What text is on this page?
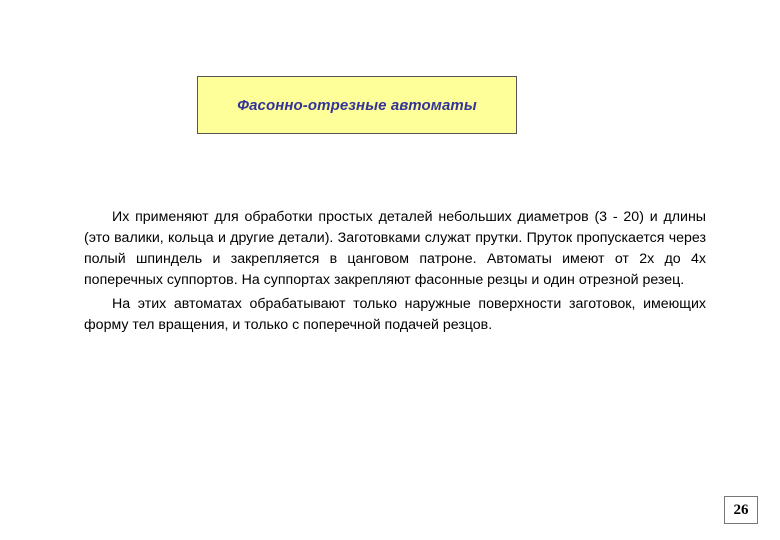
Фасонно-отрезные автоматы

Их применяют для обработки простых деталей небольших диаметров (3 - 20) и длины (это валики, кольца и другие детали). Заготовками служат прутки. Пруток пропускается через полый шпиндель и закрепляется в цанговом патроне. Автоматы имеют от 2х до 4х поперечных суппортов. На суппортах закрепляют фасонные резцы и один отрезной резец.

На этих автоматах обрабатывают только наружные поверхности заготовок, имеющих форму тел вращения, и только с поперечной подачей резцов.

26
